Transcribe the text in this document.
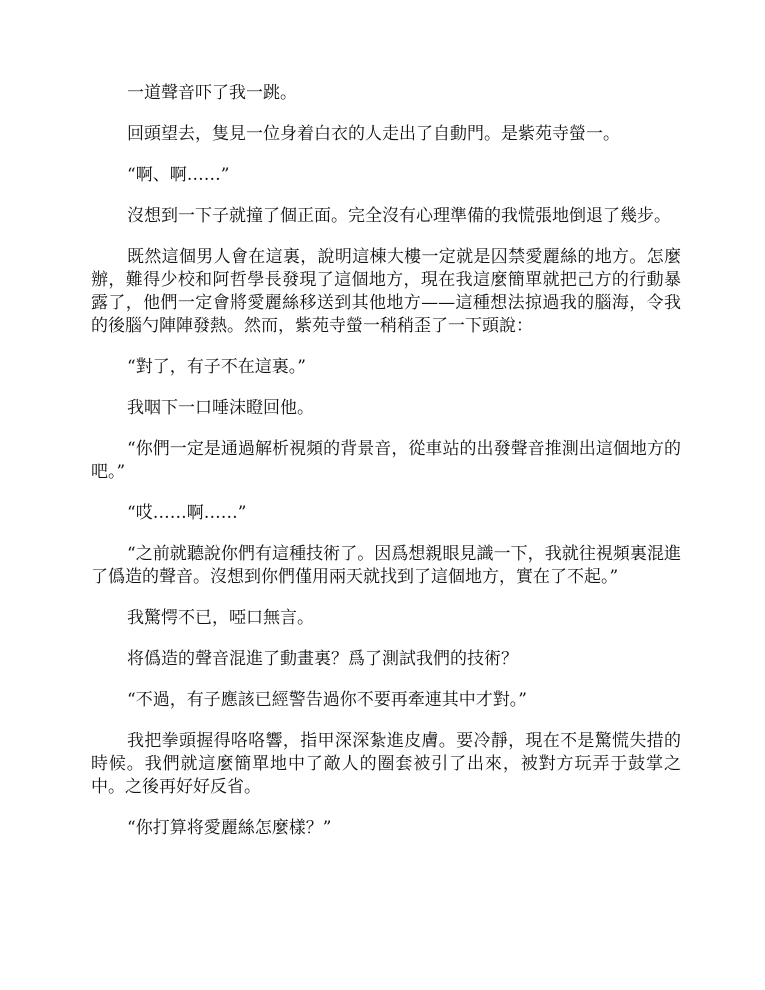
一道聲音吓了我一跳。

回頭望去，隻見一位身着白衣的人走出了自動門。是紫苑寺螢一。

“啊、啊……”

沒想到一下子就撞了個正面。完全沒有心理準備的我慌張地倒退了幾步。

既然這個男人會在這裏，說明這棟大樓一定就是囚禁愛麗絲的地方。怎麼辦，難得少校和阿哲學長發現了這個地方，現在我這麼簡單就把己方的行動暴露了，他們一定會將愛麗絲移送到其他地方——這種想法掠過我的腦海，令我的後腦勺陣陣發熱。然而，紫苑寺螢一稍稍歪了一下頭說：

“對了，有子不在這裏。”

我咽下一口唾沫瞪回他。

“你們一定是通過解析視頻的背景音，從車站的出發聲音推測出這個地方的吧。”

“哎……啊……”

“之前就聽說你們有這種技術了。因爲想親眼見識一下，我就往視頻裏混進了僞造的聲音。沒想到你們僅用兩天就找到了這個地方，實在了不起。”

我驚愕不已，啞口無言。

将僞造的聲音混進了動畫裏？爲了測試我們的技術？

“不過，有子應該已經警告過你不要再牽連其中才對。”

我把拳頭握得咯咯響，指甲深深紮進皮膚。要冷靜，現在不是驚慌失措的時候。我們就這麼簡單地中了敵人的圈套被引了出來，被對方玩弄于鼓掌之中。之後再好好反省。

“你打算将愛麗絲怎麼樣？”
